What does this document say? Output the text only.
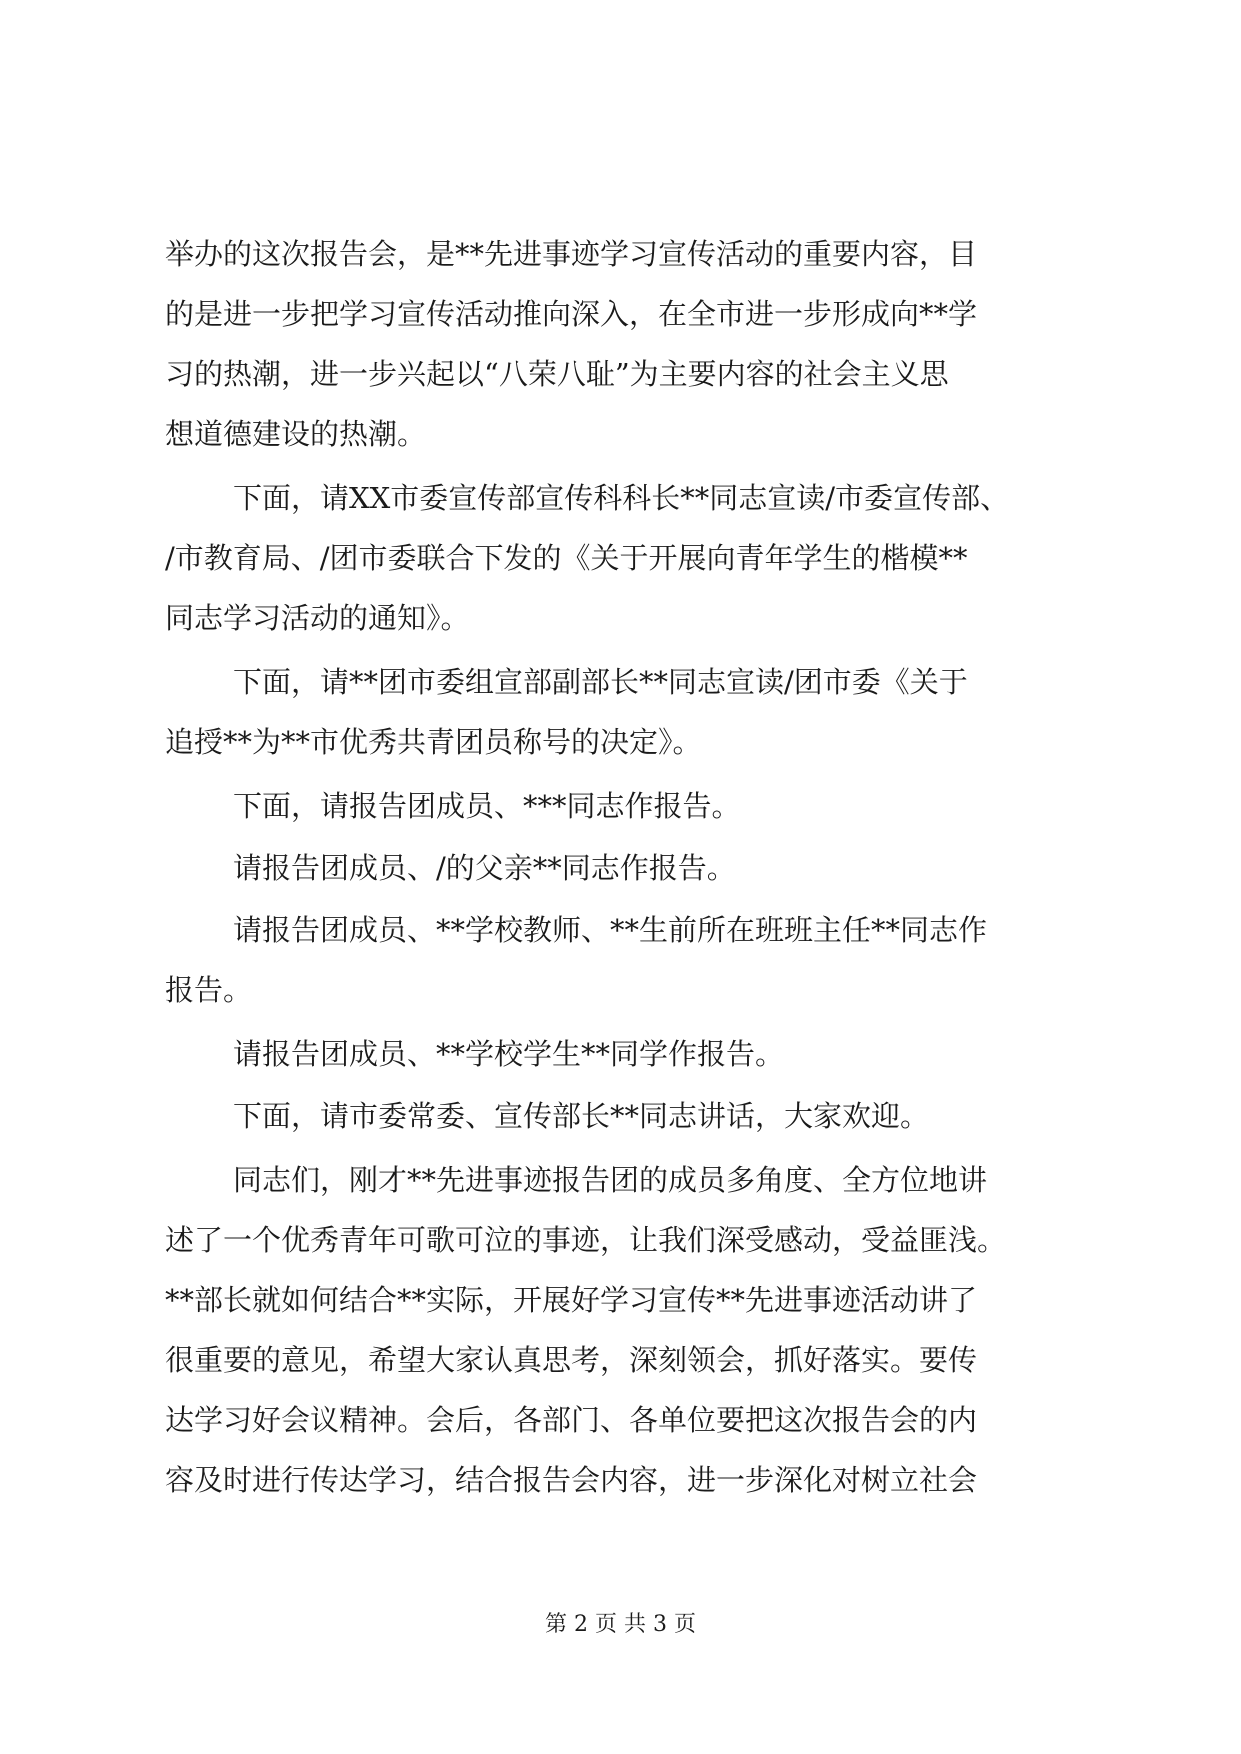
举办的这次报告会，是**先进事迹学习宣传活动的重要内容，目
的是进一步把学习宣传活动推向深入，在全市进一步形成向**学
习的热潮，进一步兴起以“八荣八耻”为主要内容的社会主义思
想道德建设的热潮。
下面，请XX市委宣传部宣传科科长**同志宣读/市委宣传部、
/市教育局、/团市委联合下发的《关于开展向青年学生的楷模**
同志学习活动的通知》。
下面，请**团市委组宣部副部长**同志宣读/团市委《关于
追授**为**市优秀共青团员称号的决定》。
下面，请报告团成员、***同志作报告。
请报告团成员、/的父亲**同志作报告。
请报告团成员、**学校教师、**生前所在班班主任**同志作
报告。
请报告团成员、**学校学生**同学作报告。
下面，请市委常委、宣传部长**同志讲话，大家欢迎。
同志们，刚才**先进事迹报告团的成员多角度、全方位地讲
述了一个优秀青年可歌可泣的事迹，让我们深受感动，受益匪浅。
**部长就如何结合**实际，开展好学习宣传**先进事迹活动讲了
很重要的意见，希望大家认真思考，深刻领会，抓好落实。要传
达学习好会议精神。会后，各部门、各单位要把这次报告会的内
容及时进行传达学习，结合报告会内容，进一步深化对树立社会
第 2 页 共 3 页
